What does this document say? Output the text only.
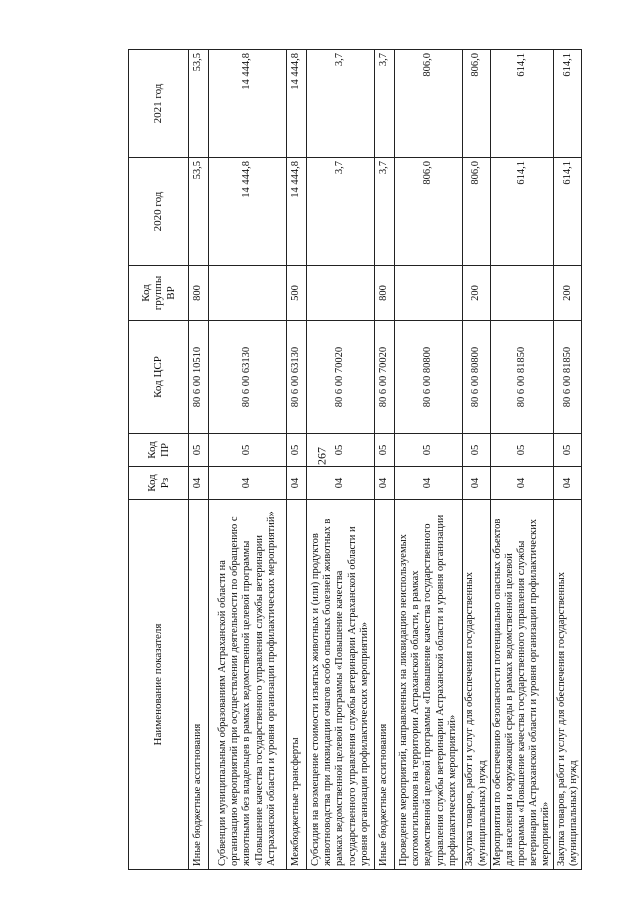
267
Наименование показателя	Код Рз	Код ПР	Код ЦСР	Код группы ВР	2020 год	2021 год
Иные бюджетные ассигнования	04	05	80 6 00 10510	800	53,5	53,5
Субвенции муниципальным образованиям Астраханской области на организацию мероприятий при осуществлении деятельности по обращению с животными без владельцев в рамках ведомственной целевой программы «Повышение качества государственного управления службы ветеринарии Астраханской области и уровня организации профилактических мероприятий»	04	05	80 6 00 63130		14 444,8	14 444,8
Межбюджетные трансферты	04	05	80 6 00 63130	500	14 444,8	14 444,8
Субсидия на возмещение стоимости изъятых животных и (или) продуктов животноводства при ликвидации очагов особо опасных болезней животных в рамках ведомственной целевой программы «Повышение качества государственного управления службы ветеринарии Астраханской области и уровня организации профилактических мероприятий»	04	05	80 6 00 70020		3,7	3,7
Иные бюджетные ассигнования	04	05	80 6 00 70020	800	3,7	3,7
Проведение мероприятий, направленных на ликвидацию неиспользуемых скотомогильников на территории Астраханской области, в рамках ведомственной целевой программы «Повышение качества государственного управления службы ветеринарии Астраханской области и уровня организации профилактических мероприятий»	04	05	80 6 00 80800		806,0	806,0
Закупка товаров, работ и услуг для обеспечения государственных (муниципальных) нужд	04	05	80 6 00 80800	200	806,0	806,0
Мероприятия по обеспечению безопасности потенциально опасных объектов для населения и окружающей среды в рамках ведомственной целевой программы «Повышение качества государственного управления службы ветеринарии Астраханской области и уровня организации профилактических мероприятий»	04	05	80 6 00 81850		614,1	614,1
Закупка товаров, работ и услуг для обеспечения государственных (муниципальных) нужд	04	05	80 6 00 81850	200	614,1	614,1
